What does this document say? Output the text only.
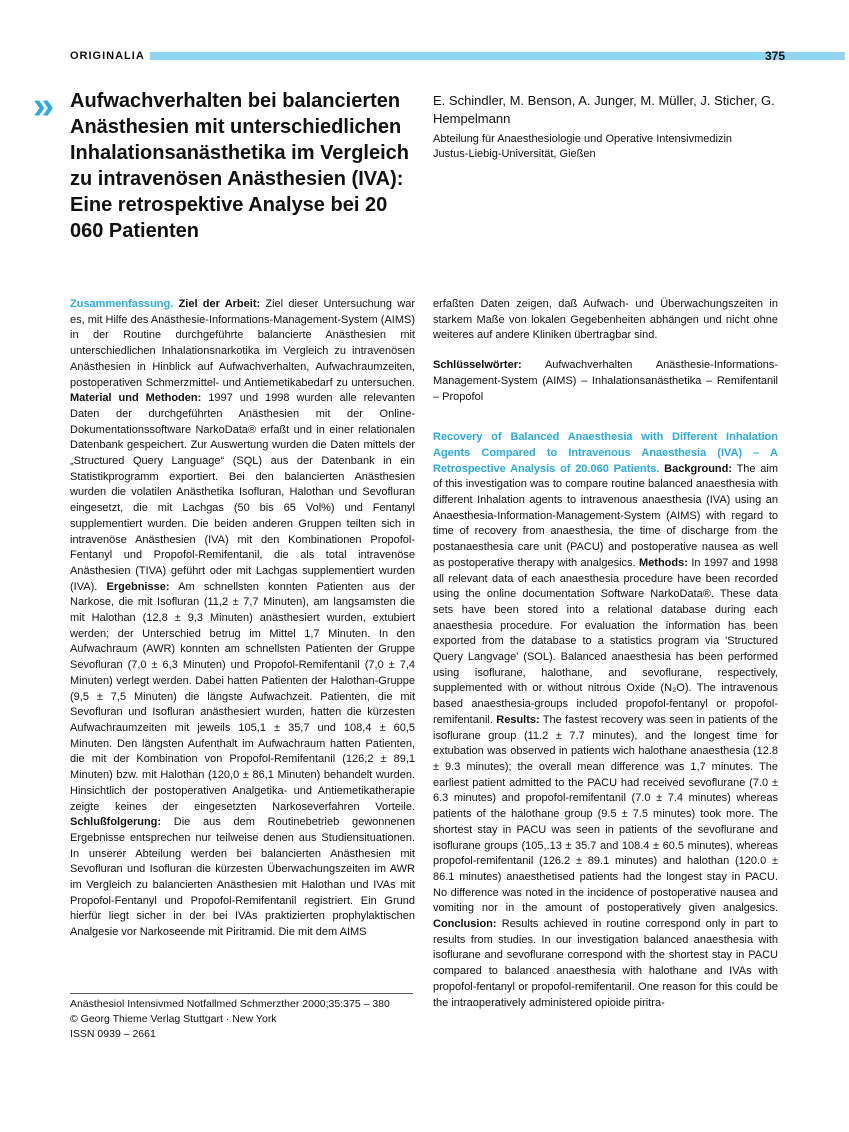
ORIGINALIA	375
» Aufwachverhalten bei balancierten Anästhesien mit unterschiedlichen Inhalationsanästhetika im Vergleich zu intravenösen Anästhesien (IVA): Eine retrospektive Analyse bei 20 060 Patienten

E. Schindler, M. Benson, A. Junger, M. Müller, J. Sticher, G. Hempelmann

Abteilung für Anaesthesiologie und Operative Intensivmedizin
Justus-Liebig-Universität, Gießen

Zusammenfassung. Ziel der Arbeit: Ziel dieser Untersuchung war es, mit Hilfe des Anästhesie-Informations-Management-System (AIMS) in der Routine durchgeführte balancierte Anästhesien mit unterschiedlichen Inhalationsnarkotika im Vergleich zu intravenösen Anästhesien in Hinblick auf Aufwachverhalten, Aufwachraumzeiten, postoperativen Schmerzmittel- und Antiemetikabedarf zu untersuchen. Material und Methoden: 1997 und 1998 wurden alle relevanten Daten der durchgeführten Anästhesien mit der Online-Dokumentationssoftware NarkoData® erfaßt und in einer relationalen Datenbank gespeichert. Zur Auswertung wurden die Daten mittels der „Structured Query Language“ (SQL) aus der Datenbank in ein Statistikprogramm exportiert. Bei den balancierten Anästhesien wurden die volatilen Anästhetika Isofluran, Halothan und Sevofluran eingesetzt, die mit Lachgas (50 bis 65 Vol%) und Fentanyl supplementiert wurden. Die beiden anderen Gruppen teilten sich in intravenöse Anästhesien (IVA) mit den Kombinationen Propofol-Fentanyl und Propofol-Remifentanil, die als total intravenöse Anästhesien (TIVA) geführt oder mit Lachgas supplementiert wurden (IVA). Ergebnisse: Am schnellsten konnten Patienten aus der Narkose, die mit Isofluran (11,2 ± 7,7 Minuten), am langsamsten die mit Halothan (12,8 ± 9,3 Minuten) anästhesiert wurden, extubiert werden; der Unterschied betrug im Mittel 1,7 Minuten. In den Aufwachraum (AWR) konnten am schnellsten Patienten der Gruppe Sevofluran (7,0 ± 6,3 Minuten) und Propofol-Remifentanil (7,0 ± 7,4 Minuten) verlegt werden. Dabei hatten Patienten der Halothan-Gruppe (9,5 ± 7,5 Minuten) die längste Aufwachzeit. Patienten, die mit Sevofluran und Isofluran anästhesiert wurden, hatten die kürzesten Aufwachraumzeiten mit jeweils 105,1 ± 35,7 und 108,4 ± 60,5 Minuten. Den längsten Aufenthalt im Aufwachraum hatten Patienten, die mit der Kombination von Propofol-Remifentanil (126,2 ± 89,1 Minuten) bzw. mit Halothan (120,0 ± 86,1 Minuten) behandelt wurden. Hinsichtlich der postoperativen Analgetika- und Antiemetikatherapie zeigte keines der eingesetzten Narkoseverfahren Vorteile. Schlußfolgerung: Die aus dem Routinebetrieb gewonnenen Ergebnisse entsprechen nur teilweise denen aus Studiensituationen. In unserer Abteilung werden bei balancierten Anästhesien mit Sevofluran und Isofluran die kürzesten Überwachungszeiten im AWR im Vergleich zu balancierten Anästhesien mit Halothan und IVAs mit Propofol-Fentanyl und Propofol-Remifentanil registriert. Ein Grund hierfür liegt sicher in der bei IVAs praktizierten prophylaktischen Analgesie vor Narkoseende mit Piritramid. Die mit dem AIMS

erfaßten Daten zeigen, daß Aufwach- und Überwachungszeiten in starkem Maße von lokalen Gegebenheiten abhängen und nicht ohne weiteres auf andere Kliniken übertragbar sind.

Schlüsselwörter: Aufwachverhalten Anästhesie-Informations-Management-System (AIMS) – Inhalationsanästhetika – Remifentanil – Propofol

Recovery of Balanced Anaesthesia with Different Inhalation Agents Compared to Intravenous Anaesthesia (IVA) – A Retrospective Analysis of 20.060 Patients. Background: The aim of this investigation was to compare routine balanced anaesthesia with different Inhalation agents to intravenous anaesthesia (IVA) using an Anaesthesia-Information-Management-System (AIMS) with regard to time of recovery from anaesthesia, the time of discharge from the postanaesthesia care unit (PACU) and postoperative nausea as well as postoperative therapy with analgesics. Methods: In 1997 and 1998 all relevant data of each anaesthesia procedure have been recorded using the online documentation Software NarkoData®. These data sets have been stored into a relational database during each anaesthesia procedure. For evaluation the information has been exported from the database to a statistics program via 'Structured Query Langvage' (SOL). Balanced anaesthesia has been performed using isoflurane, halothane, and sevoflurane, respectively, supplemented with or without nitrous Oxide (N₂O). The intravenous based anaesthesia-groups included propofol-fentanyl or propofol-remifentanil. Results: The fastest recovery was seen in patients of the isoflurane group (11.2 ± 7.7 minutes), and the longest time for extubation was observed in patients wich halothane anaesthesia (12.8 ± 9.3 minutes); the overall mean difference was 1,7 minutes. The earliest patient admitted to the PACU had received sevoflurane (7.0 ± 6.3 minutes) and propofol-remifentanil (7.0 ± 7.4 minutes) whereas patients of the halothane group (9.5 ± 7.5 minutes) took more. The shortest stay in PACU was seen in patients of the sevoflurane and isoflurane groups (105,.13 ± 35.7 and 108.4 ± 60.5 minutes), whereas propofol-remifentanil (126.2 ± 89.1 minutes) and halothan (120.0 ± 86.1 minutes) anaesthetised patients had the longest stay in PACU. No difference was noted in the incidence of postoperative nausea and vomiting nor in the amount of postoperatively given analgesics. Conclusion: Results achieved in routine correspond only in part to results from studies. In our investigation balanced anaesthesia with isoflurane and sevoflurane correspond with the shortest stay in PACU compared to balanced anaesthesia with halothane and IVAs with propofol-fentanyl or propofol-remifentanil. One reason for this could be the intraoperatively administered opioide piritra-

Anästhesiol Intensivmed Notfallmed Schmerzther 2000;35:375 – 380
© Georg Thieme Verlag Stuttgart · New York
ISSN 0939 – 2661
